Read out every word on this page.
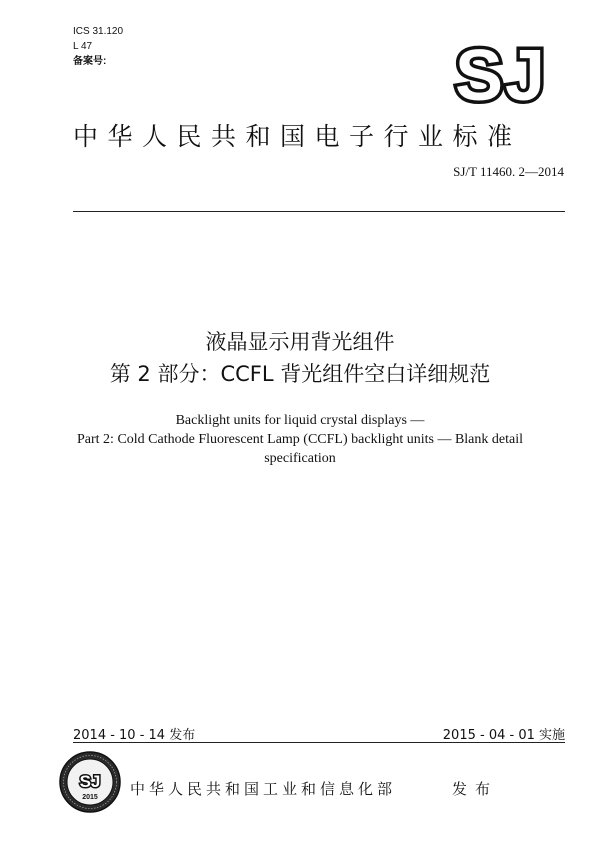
ICS 31.120
L 47
备案号:	SJ
中华人民共和国电子行业标准
SJ/T 11460. 2—2014
液晶显示用背光组件
第 2 部分：CCFL 背光组件空白详细规范
Backlight units for liquid crystal displays —
Part 2: Cold Cathode Fluorescent Lamp (CCFL) backlight units — Blank detail
specification
2014 - 10 - 14 发布	2015 - 04 - 01 实施
SJ
2015 中华人民共和国工业和信息化部	发布
